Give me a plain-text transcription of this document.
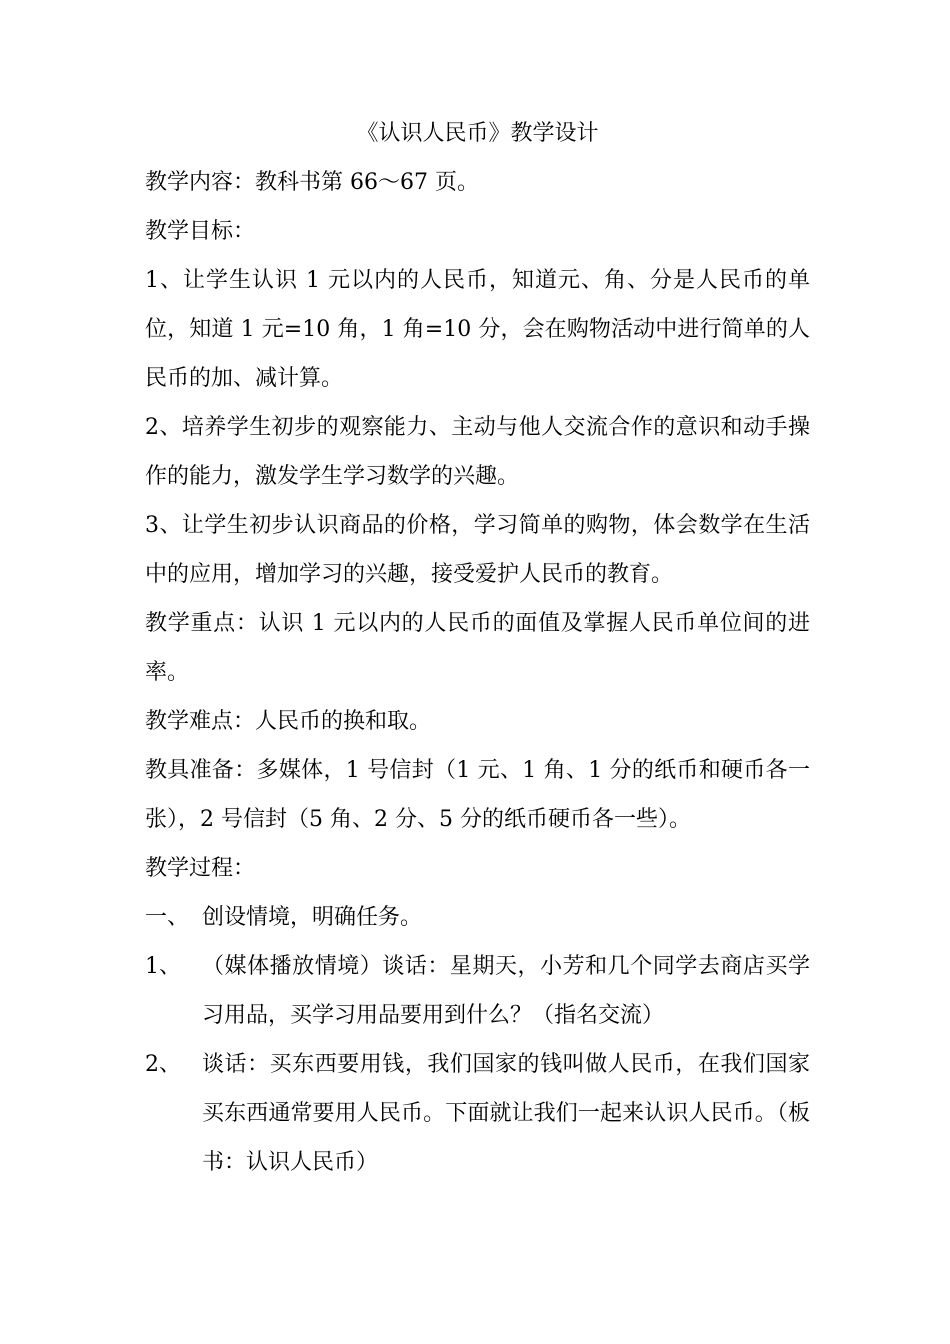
《认识人民币》教学设计

教学内容：教科书第 66～67 页。

教学目标：

1、让学生认识 1 元以内的人民币，知道元、角、分是人民币的单位，知道 1 元=10 角，1 角=10 分，会在购物活动中进行简单的人民币的加、减计算。

2、培养学生初步的观察能力、主动与他人交流合作的意识和动手操作的能力，激发学生学习数学的兴趣。

3、让学生初步认识商品的价格，学习简单的购物，体会数学在生活中的应用，增加学习的兴趣，接受爱护人民币的教育。

教学重点：认识 1 元以内的人民币的面值及掌握人民币单位间的进率。

教学难点：人民币的换和取。

教具准备：多媒体，1 号信封（1 元、1 角、1 分的纸币和硬币各一张），2 号信封（5 角、2 分、5 分的纸币硬币各一些）。

教学过程：

一、 创设情境，明确任务。
1、 （媒体播放情境）谈话：星期天，小芳和几个同学去商店买学习用品，买学习用品要用到什么？（指名交流）
2、 谈话：买东西要用钱，我们国家的钱叫做人民币，在我们国家买东西通常要用人民币。下面就让我们一起来认识人民币。（板书：认识人民币）
